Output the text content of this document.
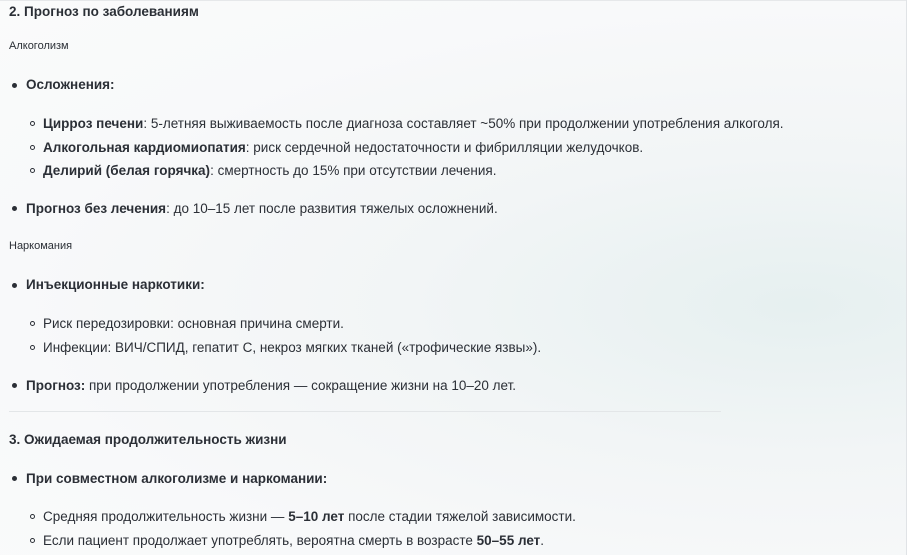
2. Прогноз по заболеваниям
Алкоголизм
Осложнения:
Цирроз печени: 5-летняя выживаемость после диагноза составляет ~50% при продолжении употребления алкоголя.
Алкогольная кардиомиопатия: риск сердечной недостаточности и фибрилляции желудочков.
Делирий (белая горячка): смертность до 15% при отсутствии лечения.
Прогноз без лечения: до 10–15 лет после развития тяжелых осложнений.
Наркомания
Инъекционные наркотики:
Риск передозировки: основная причина смерти.
Инфекции: ВИЧ/СПИД, гепатит С, некроз мягких тканей («трофические язвы»).
Прогноз: при продолжении употребления — сокращение жизни на 10–20 лет.
3. Ожидаемая продолжительность жизни
При совместном алкоголизме и наркомании:
Средняя продолжительность жизни — 5–10 лет после стадии тяжелой зависимости.
Если пациент продолжает употреблять, вероятна смерть в возрасте 50–55 лет.
